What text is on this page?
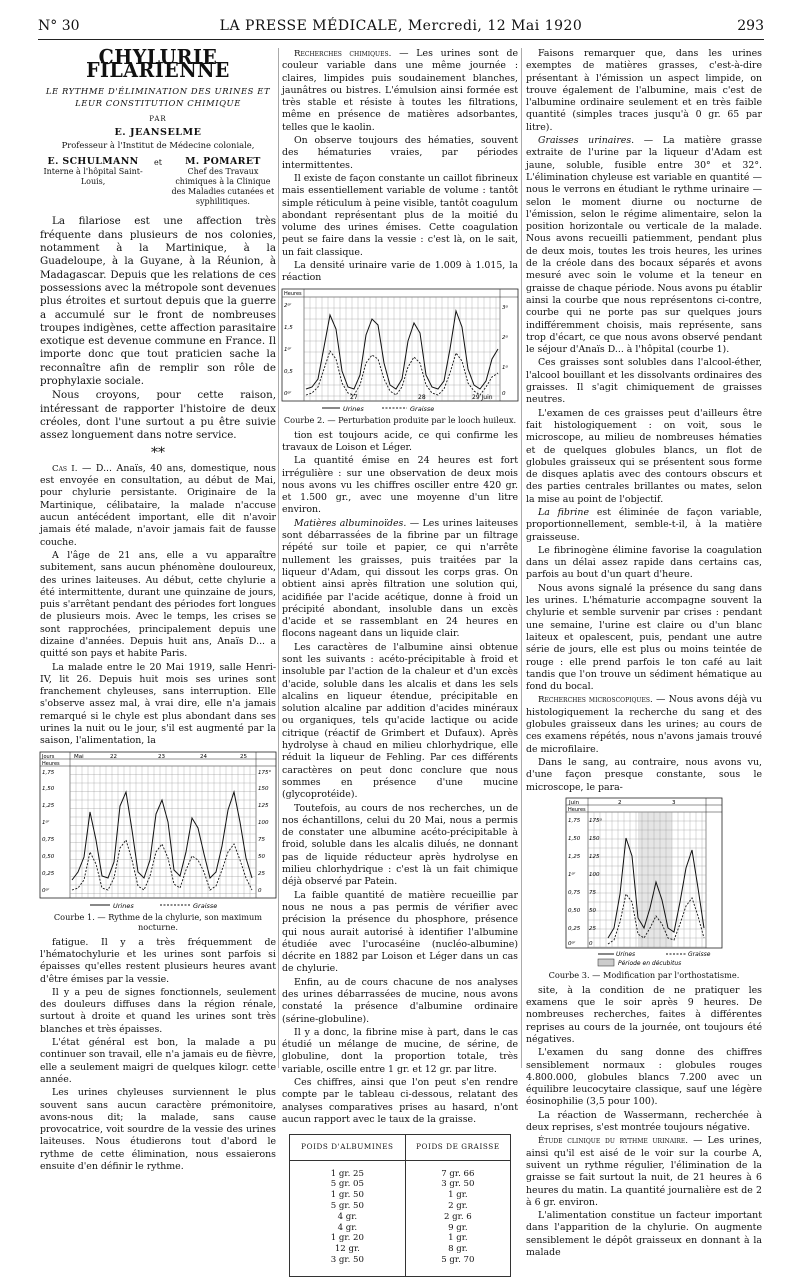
N° 30	LA PRESSE MÉDICALE, Mercredi, 12 Mai 1920	293
CHYLURIE FILARIENNE
LE RYTHME D'ÉLIMINATION DES URINES ET LEUR CONSTITUTION CHIMIQUE
PAR
E. JEANSELME
Professeur à l'Institut de Médecine coloniale,
E. SCHULMANN
Interne à l'hôpital Saint-Louis,
et	M. POMARET
Chef des Travaux chimiques à la Clinique des Maladies cutanées et syphilitiques.

La filariose est une affection très fréquente dans plusieurs de nos colonies, notamment à la Martinique, à la Guadeloupe, à la Guyane, à la Réunion, à Madagascar. Depuis que les relations de ces possessions avec la métropole sont devenues plus étroites et surtout depuis que la guerre a accumulé sur le front de nombreuses troupes indigènes, cette affection parasitaire exotique est devenue commune en France. Il importe donc que tout praticien sache la reconnaître afin de remplir son rôle de prophylaxie sociale.

Nous croyons, pour cette raison, intéressant de rapporter l'histoire de deux créoles, dont l'une surtout a pu être suivie assez longuement dans notre service.

**

Cas I. — D... Anaïs, 40 ans, domestique, nous est envoyée en consultation, au début de Mai, pour chylurie persistante. Originaire de la Martinique, célibataire, la malade n'accuse aucun antécédent important, elle dit n'avoir jamais été malade, n'avoir jamais fait de fausse couche.

A l'âge de 21 ans, elle a vu apparaître subitement, sans aucun phénomène douloureux, des urines laiteuses. Au début, cette chylurie a été intermittente, durant une quinzaine de jours, puis s'arrêtant pendant des périodes fort longues de plusieurs mois. Avec le temps, les crises se sont rapprochées, principalement depuis une dizaine d'années. Depuis huit ans, Anaïs D... a quitté son pays et habite Paris.

La malade entre le 20 Mai 1919, salle Henri-IV, lit 26. Depuis huit mois ses urines sont franchement chyleuses, sans interruption. Elle s'observe assez mal, à vrai dire, elle n'a jamais remarqué si le chyle est plus abondant dans ses urines la nuit ou le jour, s'il est augmenté par la saison, l'alimentation, la

Jours
Heures
Mai	22	23	24	25
1,75
1,50
1,25
1ᵍʳ
0,75
0,50
0,25
0ᵍʳ
175°
150
125
100
75
50
25
0
Urines	Graisse
Courbe 1. — Rythme de la chylurie, son maximum nocturne.

fatigue. Il y a très fréquemment de l'hématochylurie et les urines sont parfois si épaisses qu'elles restent plusieurs heures avant d'être émises par la vessie.

Il y a peu de signes fonctionnels, seulement des douleurs diffuses dans la région rénale, surtout à droite et quand les urines sont très blanches et très épaisses.

L'état général est bon, la malade a pu continuer son travail, elle n'a jamais eu de fièvre, elle a seulement maigri de quelques kilogr. cette année.

Les urines chyleuses surviennent le plus souvent sans aucun caractère prémonitoire, avons-nous dit; la malade, sans cause provocatrice, voit sourdre de la vessie des urines laiteuses. Nous étudierons tout d'abord le rythme de cette élimination, nous essaierons ensuite d'en définir le rythme.

Recherches chimiques. — Les urines sont de couleur variable dans une même journée : claires, limpides puis soudainement blanches, jaunâtres ou bistres. L'émulsion ainsi formée est très stable et résiste à toutes les filtrations, même en présence de matières adsorbantes, telles que le kaolin.

On observe toujours des hématies, souvent des hématuries vraies, par périodes intermittentes.

Il existe de façon constante un caillot fibrineux mais essentiellement variable de volume : tantôt simple réticulum à peine visible, tantôt coagulum abondant représentant plus de la moitié du volume des urines émises. Cette coagulation peut se faire dans la vessie : c'est là, on le sait, un fait classique.

La densité urinaire varie de 1.009 à 1.015, la réaction

Heures
2ᵍʳ
1,5
1ᵍʳ
0,5
0ᵍʳ
3ᵍ
2ᵍ
1ᵍ
0
27	28	29 Juin
Urines	Graisse
Courbe 2. — Perturbation produite par le looch huileux.

tion est toujours acide, ce qui confirme les travaux de Loison et Léger.

La quantité émise en 24 heures est fort irrégulière : sur une observation de deux mois nous avons vu les chiffres osciller entre 420 gr. et 1.500 gr., avec une moyenne d'un litre environ.

Matières albuminoïdes. — Les urines laiteuses sont débarrassées de la fibrine par un filtrage répété sur toile et papier, ce qui n'arrête nullement les graisses, puis traitées par la liqueur d'Adam, qui dissout les corps gras. On obtient ainsi après filtration une solution qui, acidifiée par l'acide acétique, donne à froid un précipité abondant, insoluble dans un excès d'acide et se rassemblant en 24 heures en flocons nageant dans un liquide clair.

Les caractères de l'albumine ainsi obtenue sont les suivants : acéto-précipitable à froid et insoluble par l'action de la chaleur et d'un excès d'acide, soluble dans les alcalis et dans les sels alcalins en liqueur étendue, précipitable en solution alcaline par addition d'acides minéraux ou organiques, tels qu'acide lactique ou acide citrique (réactif de Grimbert et Dufaux). Après hydrolyse à chaud en milieu chlorhydrique, elle réduit la liqueur de Fehling. Par ces différents caractères on peut donc conclure que nous sommes en présence d'une mucine (glycoprotéide).

Toutefois, au cours de nos recherches, un de nos échantillons, celui du 20 Mai, nous a permis de constater une albumine acéto-précipitable à froid, soluble dans les alcalis dilués, ne donnant pas de liquide réducteur après hydrolyse en milieu chlorhydrique : c'est là un fait chimique déjà observé par Patein.

La faible quantité de matière recueillie par nous ne nous a pas permis de vérifier avec précision la présence du phosphore, présence qui nous aurait autorisé à identifier l'albumine étudiée avec l'urocaséine (nucléo-albumine) décrite en 1882 par Loison et Léger dans un cas de chylurie.

Enfin, au de cours chacune de nos analyses des urines débarrassées de mucine, nous avons constaté la présence d'albumine ordinaire (sérine-globuline).

Il y a donc, la fibrine mise à part, dans le cas étudié un mélange de mucine, de sérine, de globuline, dont la proportion totale, très variable, oscille entre 1 gr. et 12 gr. par litre.

Ces chiffres, ainsi que l'on peut s'en rendre compte par le tableau ci-dessous, relatant des analyses comparatives prises au hasard, n'ont aucun rapport avec le taux de la graisse.

POIDS D'ALBUMINES	POIDS DE GRAISSE
1 gr. 25	7 gr. 66
5 gr. 05	3 gr. 50
1 gr. 50	1 gr.
5 gr. 50	2 gr.
4 gr.	2 gr. 6
4 gr.	9 gr.
1 gr. 20	1 gr.
12 gr.	8 gr.
3 gr. 50	5 gr. 70

Faisons remarquer que, dans les urines exemptes de matières grasses, c'est-à-dire présentant à l'émission un aspect limpide, on trouve également de l'albumine, mais c'est de l'albumine ordinaire seulement et en très faible quantité (simples traces jusqu'à 0 gr. 65 par litre).

Graisses urinaires. — La matière grasse extraite de l'urine par la liqueur d'Adam est jaune, soluble, fusible entre 30° et 32°. L'élimination chyleuse est variable en quantité — nous le verrons en étudiant le rythme urinaire — selon le moment diurne ou nocturne de l'émission, selon le régime alimentaire, selon la position horizontale ou verticale de la malade. Nous avons recueilli patiemment, pendant plus de deux mois, toutes les trois heures, les urines de la créole dans des bocaux séparés et avons mesuré avec soin le volume et la teneur en graisse de chaque période. Nous avons pu établir ainsi la courbe que nous représentons ci-contre, courbe qui ne porte pas sur quelques jours indifféremment choisis, mais représente, sans trop d'écart, ce que nous avons observé pendant le séjour d'Anaïs D... à l'hôpital (courbe 1).

Ces graisses sont solubles dans l'alcool-éther, l'alcool bouillant et les dissolvants ordinaires des graisses. Il s'agit chimiquement de graisses neutres.

L'examen de ces graisses peut d'ailleurs être fait histologiquement : on voit, sous le microscope, au milieu de nombreuses hématies et de quelques globules blancs, un flot de globules graisseux qui se présentent sous forme de disques aplatis avec des contours obscurs et des parties centrales brillantes ou mates, selon la mise au point de l'objectif.

La fibrine est éliminée de façon variable, proportionnellement, semble-t-il, à la matière graisseuse.

Le fibrinogène élimine favorise la coagulation dans un délai assez rapide dans certains cas, parfois au bout d'un quart d'heure.

Nous avons signalé la présence du sang dans les urines. L'hématurie accompagne souvent la chylurie et semble survenir par crises : pendant une semaine, l'urine est claire ou d'un blanc laiteux et opalescent, puis, pendant une autre série de jours, elle est plus ou moins teintée de rouge : elle prend parfois le ton café au lait tandis que l'on trouve un sédiment hématique au fond du bocal.

Recherches microscopiques. — Nous avons déjà vu histologiquement la recherche du sang et des globules graisseux dans les urines; au cours de ces examens répétés, nous n'avons jamais trouvé de microfilaire.

Dans le sang, au contraire, nous avons vu, d'une façon presque constante, sous le microscope, le para-

Juin	2	3
Heures
1,75
1,50
1,25
1ᵍʳ
0,75
0,50
0,25
0ᵍʳ
175ᵍ
150
125
100
75
50
25
0
Urines	Graisse
Période en décubitus
Courbe 3. — Modification par l'orthostatisme.

site, à la condition de ne pratiquer les examens que le soir après 9 heures. De nombreuses recherches, faites à différentes reprises au cours de la journée, ont toujours été négatives.

L'examen du sang donne des chiffres sensiblement normaux : globules rouges 4.800.000, globules blancs 7.200 avec un équilibre leucocytaire classique, sauf une légère éosinophilie (3,5 pour 100).

La réaction de Wassermann, recherchée à deux reprises, s'est montrée toujours négative.

Étude clinique du rythme urinaire. — Les urines, ainsi qu'il est aisé de le voir sur la courbe A, suivent un rythme régulier, l'élimination de la graisse se fait surtout la nuit, de 21 heures à 6 heures du matin. La quantité journalière est de 2 à 6 gr. environ.

L'alimentation constitue un facteur important dans l'apparition de la chylurie. On augmente sensiblement le dépôt graisseux en donnant à la malade
